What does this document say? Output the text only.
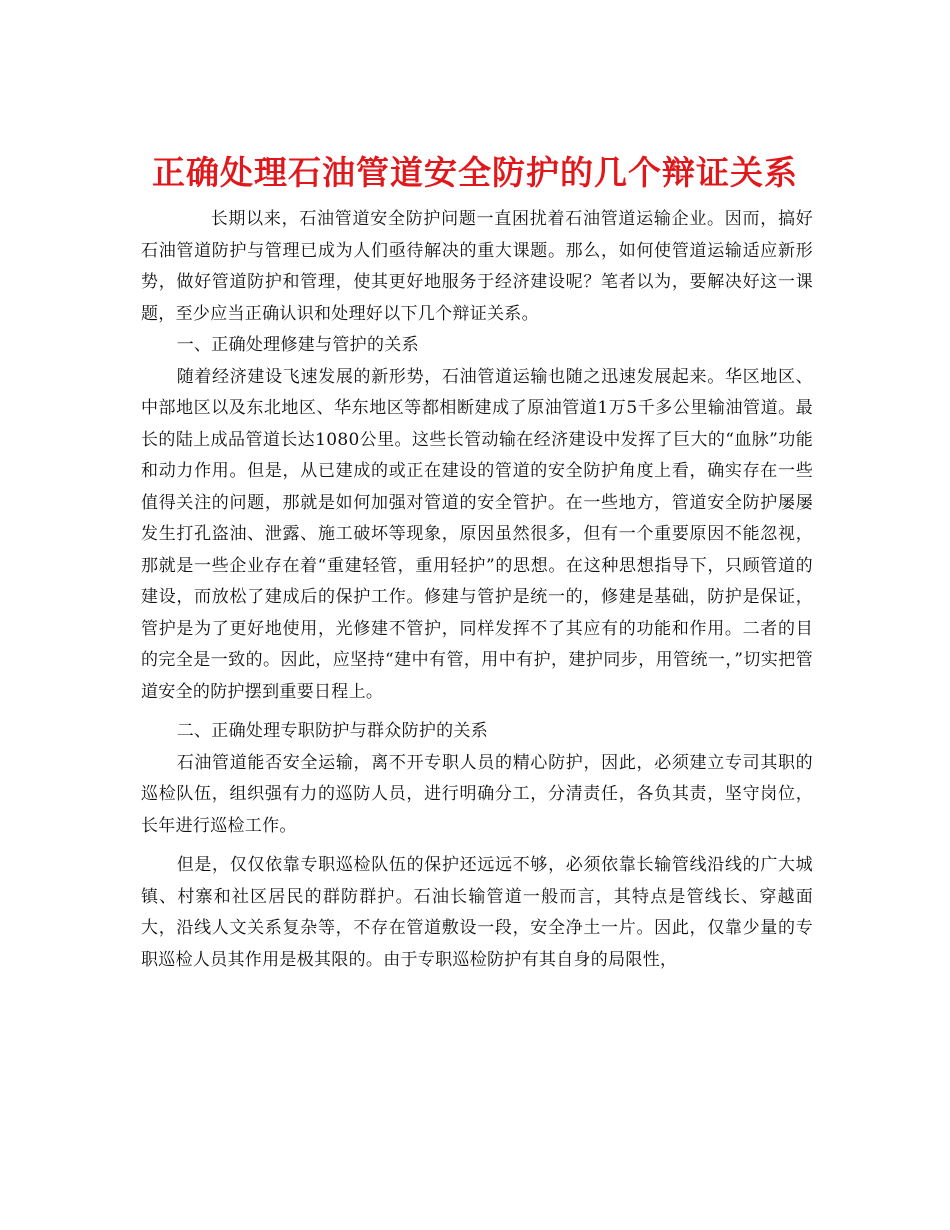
正确处理石油管道安全防护的几个辩证关系

长期以来，石油管道安全防护问题一直困扰着石油管道运输企业。因而，搞好石油管道防护与管理已成为人们亟待解决的重大课题。那么，如何使管道运输适应新形势，做好管道防护和管理，使其更好地服务于经济建设呢？笔者以为，要解决好这一课题，至少应当正确认识和处理好以下几个辩证关系。

一、正确处理修建与管护的关系

随着经济建设飞速发展的新形势，石油管道运输也随之迅速发展起来。华区地区、中部地区以及东北地区、华东地区等都相断建成了原油管道1万5千多公里输油管道。最长的陆上成品管道长达1080公里。这些长管动输在经济建设中发挥了巨大的“血脉”功能和动力作用。但是，从已建成的或正在建设的管道的安全防护角度上看，确实存在一些值得关注的问题，那就是如何加强对管道的安全管护。在一些地方，管道安全防护屡屡发生打孔盗油、泄露、施工破坏等现象，原因虽然很多，但有一个重要原因不能忽视，那就是一些企业存在着“重建轻管，重用轻护”的思想。在这种思想指导下，只顾管道的建设，而放松了建成后的保护工作。修建与管护是统一的，修建是基础，防护是保证，管护是为了更好地使用，光修建不管护，同样发挥不了其应有的功能和作用。二者的目的完全是一致的。因此，应坚持“建中有管，用中有护，建护同步，用管统一，”切实把管道安全的防护摆到重要日程上。

二、正确处理专职防护与群众防护的关系

石油管道能否安全运输，离不开专职人员的精心防护，因此，必须建立专司其职的巡检队伍，组织强有力的巡防人员，进行明确分工，分清责任，各负其责，坚守岗位，长年进行巡检工作。

但是，仅仅依靠专职巡检队伍的保护还远远不够，必须依靠长输管线沿线的广大城镇、村寨和社区居民的群防群护。石油长输管道一般而言，其特点是管线长、穿越面大，沿线人文关系复杂等，不存在管道敷设一段，安全净土一片。因此，仅靠少量的专职巡检人员其作用是极其限的。由于专职巡检防护有其自身的局限性，
